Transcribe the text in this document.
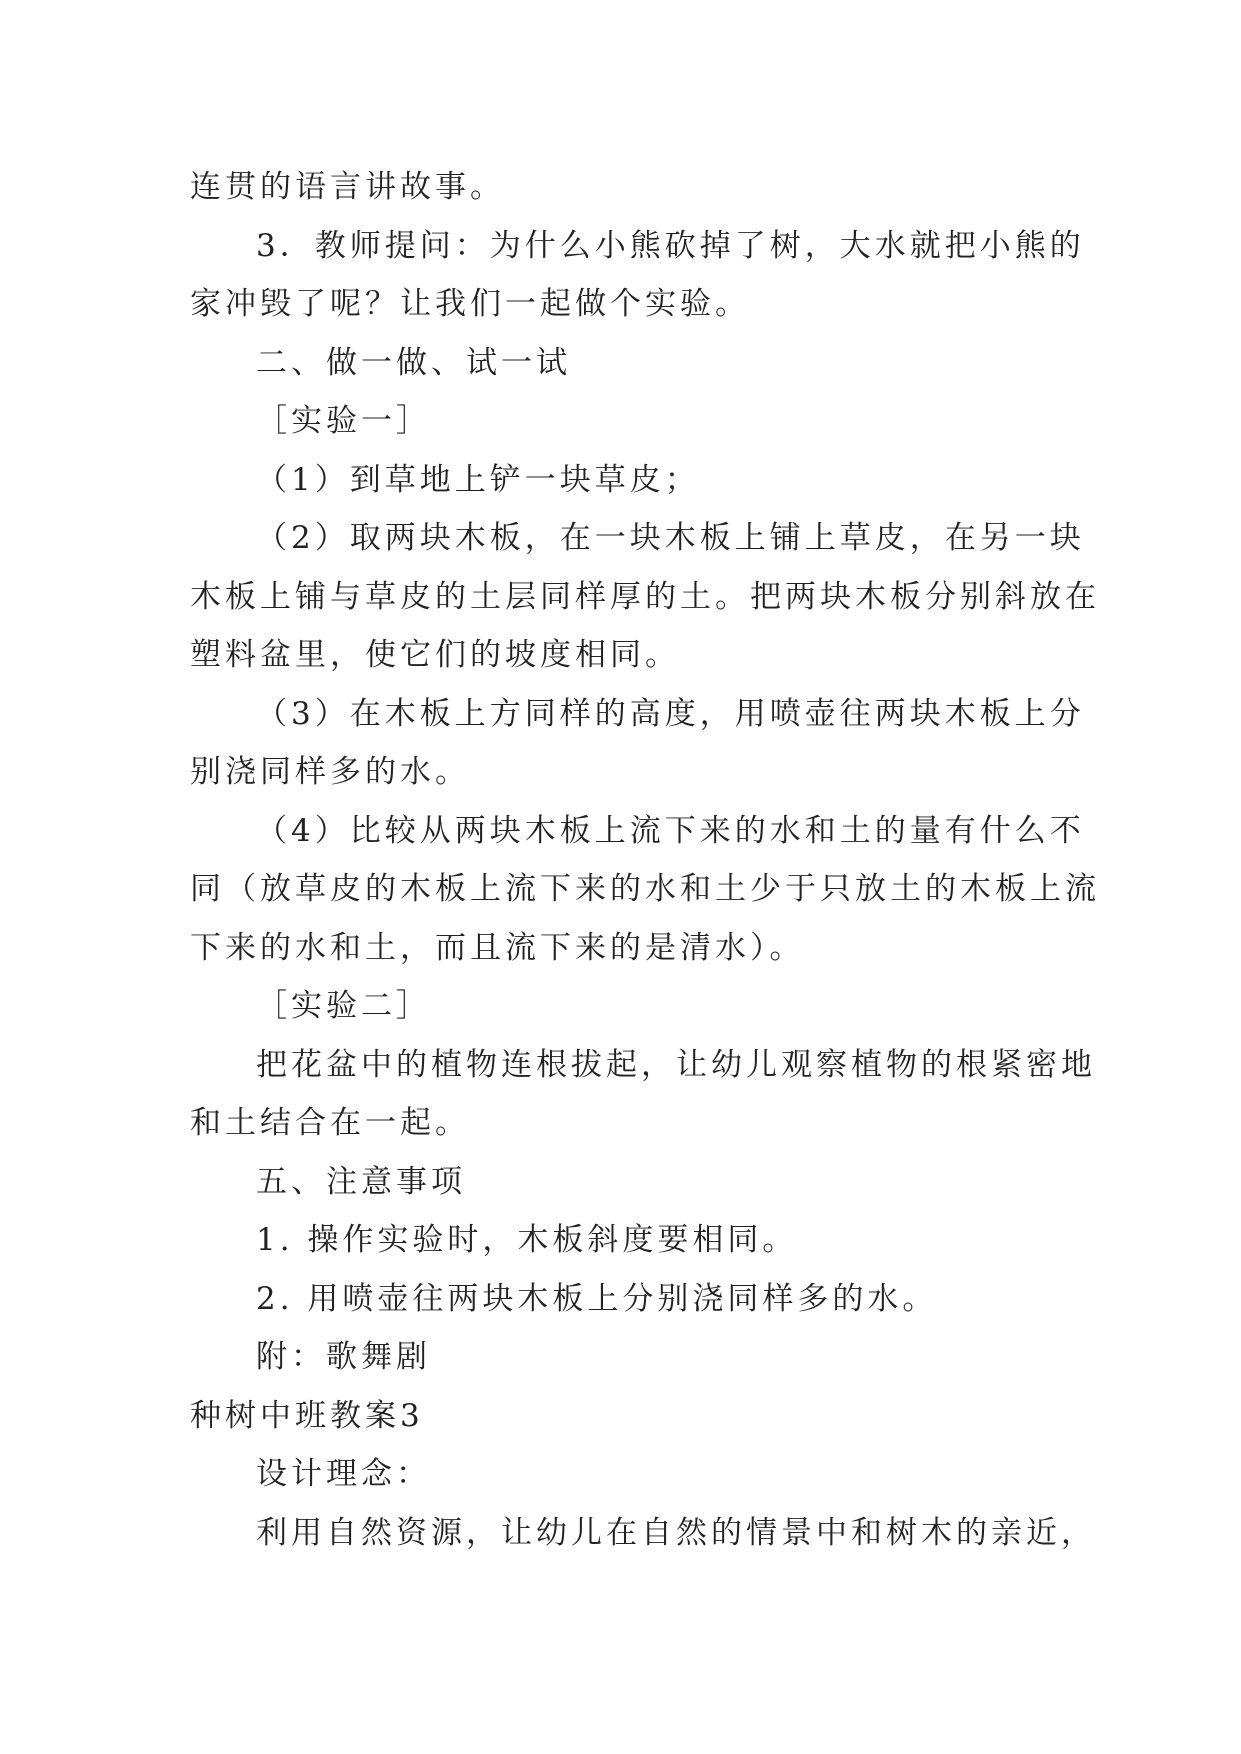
连贯的语言讲故事。
3．教师提问：为什么小熊砍掉了树，大水就把小熊的
家冲毁了呢？让我们一起做个实验。
二、做一做、试一试
［实验一］
（1）到草地上铲一块草皮；
（2）取两块木板，在一块木板上铺上草皮，在另一块
木板上铺与草皮的土层同样厚的土。把两块木板分别斜放在
塑料盆里，使它们的坡度相同。
（3）在木板上方同样的高度，用喷壶往两块木板上分
别浇同样多的水。
（4）比较从两块木板上流下来的水和土的量有什么不
同（放草皮的木板上流下来的水和土少于只放土的木板上流
下来的水和土，而且流下来的是清水）。
［实验二］
把花盆中的植物连根拔起，让幼儿观察植物的根紧密地
和土结合在一起。
五、注意事项
1. 操作实验时，木板斜度要相同。
2. 用喷壶往两块木板上分别浇同样多的水。
附：歌舞剧
种树中班教案3
设计理念：
利用自然资源，让幼儿在自然的情景中和树木的亲近，
